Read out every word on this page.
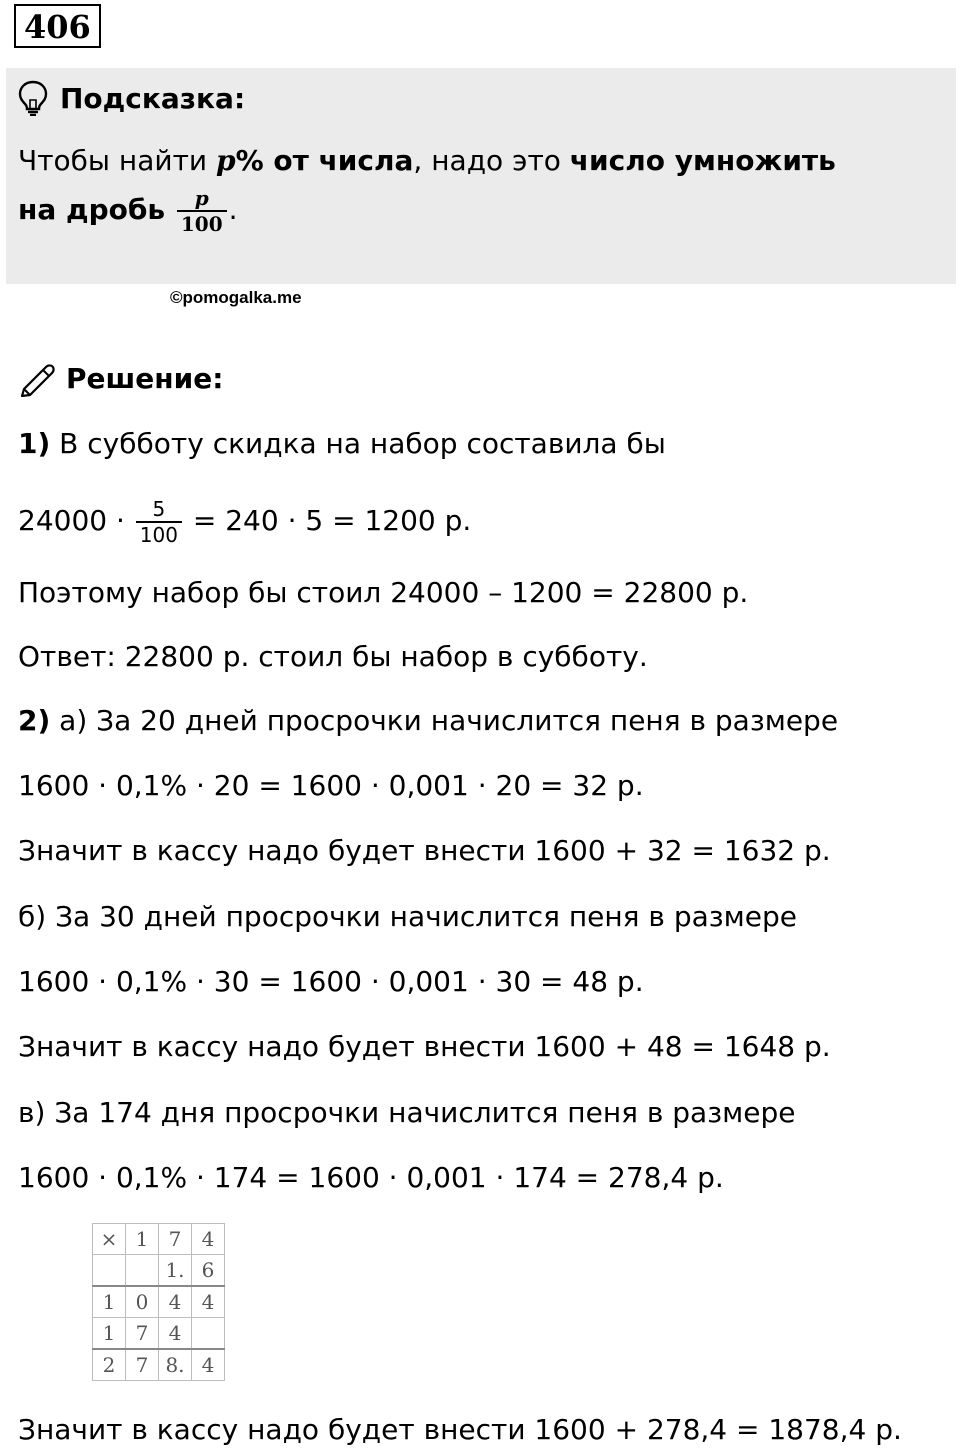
406
Подсказка:
Чтобы найти p% от числа, надо это число умножить
на дробь $\frac{p}{100}$ .
©pomogalka.me
Решение:
1) В субботу скидка на набор составила бы
$24000 \cdot \frac{5}{100} = 240 \cdot 5 = 1200$ р.
Поэтому набор бы стоил 24000 – 1200 = 22800 р.
Ответ: 22800 р. стоил бы набор в субботу.
2) а) За 20 дней просрочки начислится пеня в размере
1600 · 0,1% · 20 = 1600 · 0,001 · 20 = 32 р.
Значит в кассу надо будет внести 1600 + 32 = 1632 р.
б) За 30 дней просрочки начислится пеня в размере
1600 · 0,1% · 30 = 1600 · 0,001 · 30 = 48 р.
Значит в кассу надо будет внести 1600 + 48 = 1648 р.
в) За 174 дня просрочки начислится пеня в размере
1600 · 0,1% · 174 = 1600 · 0,001 · 174 = 278,4 р.
×	1	7	4
		1.	6
1	0	4	4
1	7	4	
2	7	8.	4
Значит в кассу надо будет внести 1600 + 278,4 = 1878,4 р.
